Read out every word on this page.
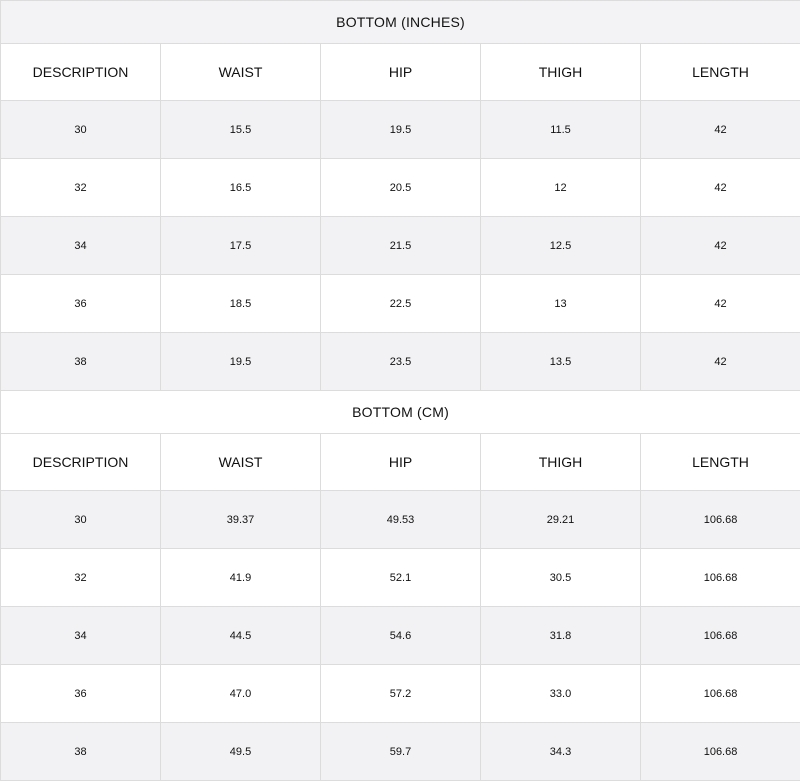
BOTTOM (INCHES)				
DESCRIPTION	WAIST	HIP	THIGH	LENGTH
30	15.5	19.5	11.5	42
32	16.5	20.5	12	42
34	17.5	21.5	12.5	42
36	18.5	22.5	13	42
38	19.5	23.5	13.5	42
BOTTOM (CM)				
DESCRIPTION	WAIST	HIP	THIGH	LENGTH
30	39.37	49.53	29.21	106.68
32	41.9	52.1	30.5	106.68
34	44.5	54.6	31.8	106.68
36	47.0	57.2	33.0	106.68
38	49.5	59.7	34.3	106.68
